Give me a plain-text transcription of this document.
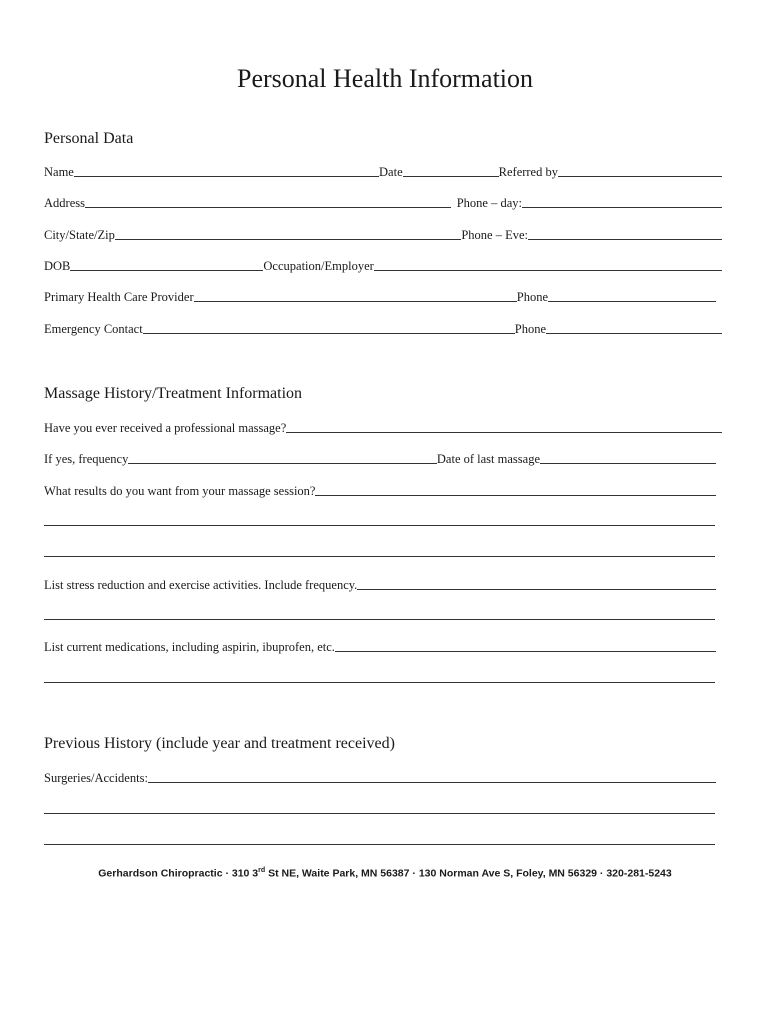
Personal Health Information
Personal Data
Name	Date	Referred by
Address	Phone – day:
City/State/Zip	Phone – Eve:
DOB	Occupation/Employer
Primary Health Care Provider	Phone
Emergency Contact	Phone
Massage History/Treatment Information
Have you ever received a professional massage?
If yes, frequency	Date of last massage
What results do you want from your massage session?
List stress reduction and exercise activities. Include frequency.
List current medications, including aspirin, ibuprofen, etc.
Previous History (include year and treatment received)
Surgeries/Accidents:
Gerhardson Chiropractic · 310 3rd St NE, Waite Park, MN 56387 · 130 Norman Ave S, Foley, MN 56329 · 320-281-5243
